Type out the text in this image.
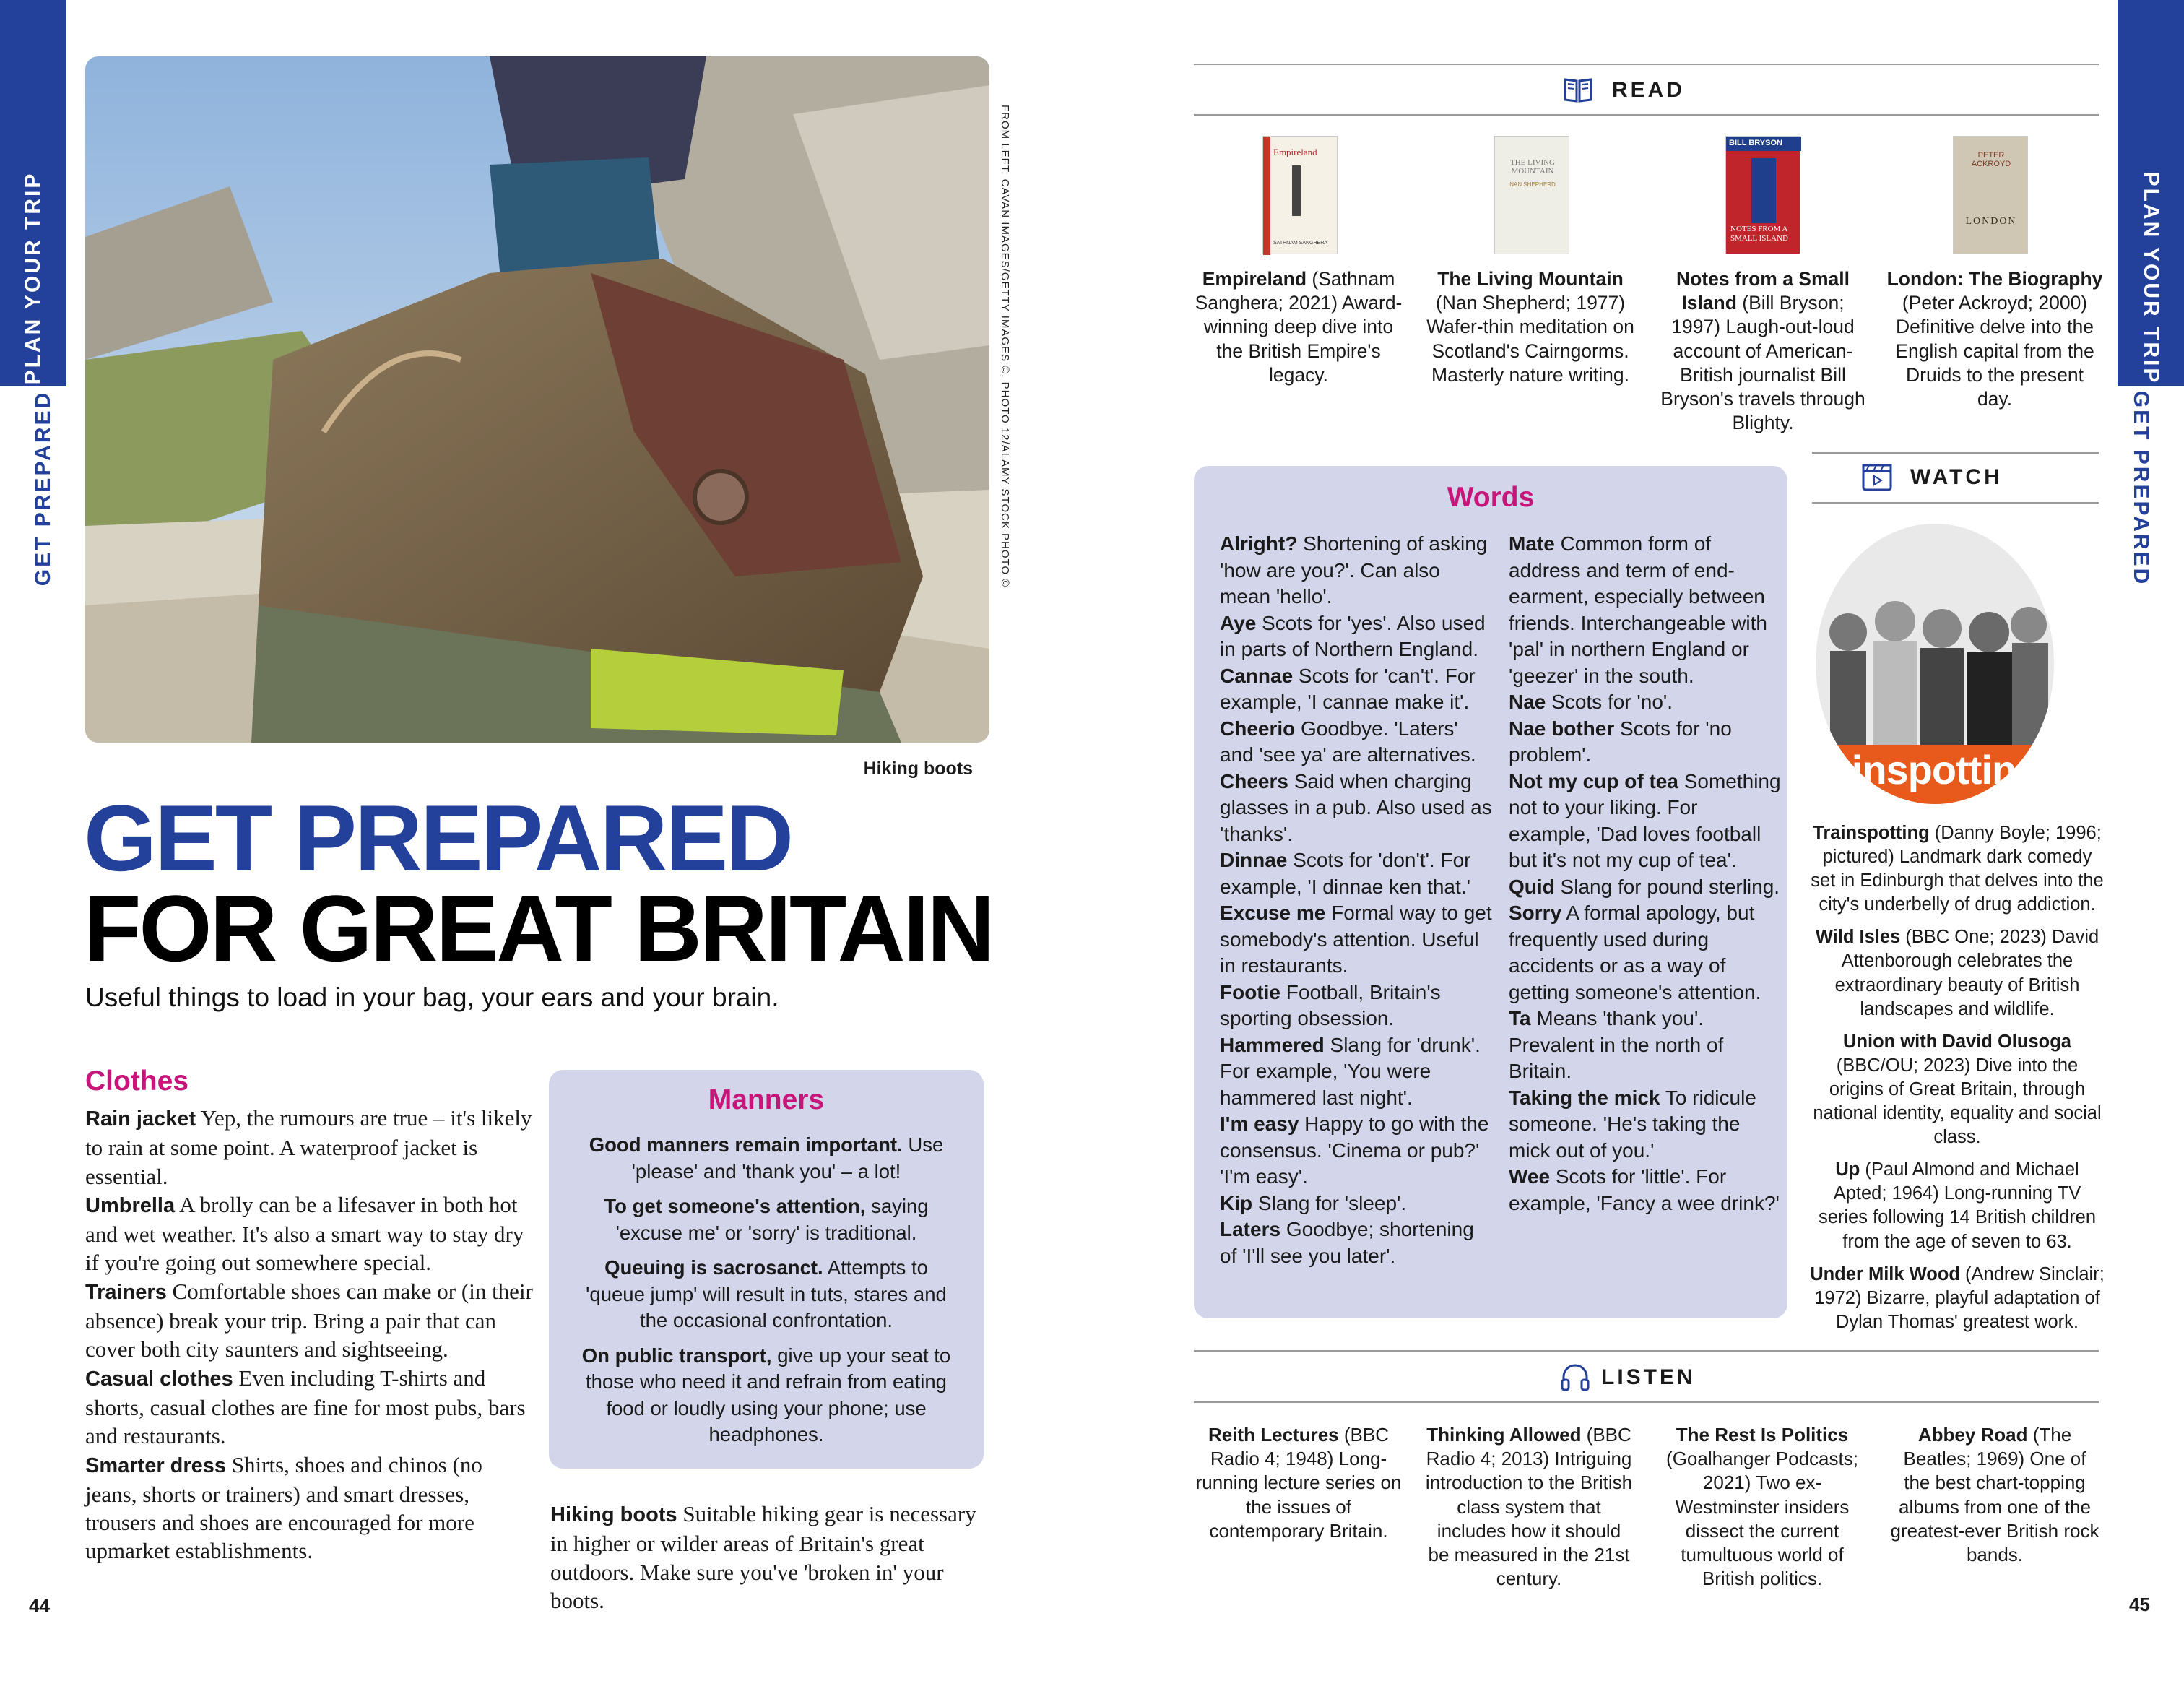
PLAN YOUR TRIP
GET PREPARED
PLAN YOUR TRIP
GET PREPARED
FROM LEFT: CAVAN IMAGES/GETTY IMAGES ©, PHOTO 12/ALAMY STOCK PHOTO ©
Hiking boots
GET PREPARED
FOR GREAT BRITAIN
Useful things to load in your bag, your ears and your brain.
Clothes
Rain jacket Yep, the rumours are true – it's likely to rain at some point. A waterproof jacket is essential.
Umbrella A brolly can be a lifesaver in both hot and wet weather. It's also a smart way to stay dry if you're going out somewhere special.
Trainers Comfortable shoes can make or (in their absence) break your trip. Bring a pair that can cover both city saunters and sightseeing.
Casual clothes Even including T-shirts and shorts, casual clothes are fine for most pubs, bars and restaurants.
Smarter dress Shirts, shoes and chinos (no jeans, shorts or trainers) and smart dresses, trousers and shoes are encouraged for more upmarket establishments.
Manners

Good manners remain important. Use 'please' and 'thank you' – a lot!

To get someone's attention, saying 'excuse me' or 'sorry' is traditional.

Queuing is sacrosanct. Attempts to 'queue jump' will result in tuts, stares and the occasional confrontation.

On public transport, give up your seat to those who need it and refrain from eating food or loudly using your phone; use headphones.

Hiking boots Suitable hiking gear is necessary in higher or wilder areas of Britain's great outdoors. Make sure you've 'broken in' your boots.
44	45
READ
Empireland
SATHNAM SANGHERA
THE LIVING MOUNTAIN
NAN SHEPHERD
BILL BRYSON
NOTES FROM A SMALL ISLAND
PETER ACKROYD
LONDON
Empireland (Sathnam Sanghera; 2021) Award-winning deep dive into the British Empire's legacy.
The Living Mountain (Nan Shepherd; 1977) Wafer-thin meditation on Scotland's Cairngorms. Masterly nature writing.
Notes from a Small Island (Bill Bryson; 1997) Laugh-out-loud account of American-British journalist Bill Bryson's travels through Blighty.
London: The Biography (Peter Ackroyd; 2000) Definitive delve into the English capital from the Druids to the present day.
Words
Alright? Shortening of asking 'how are you?'. Can also mean 'hello'.
Aye Scots for 'yes'. Also used in parts of Northern England.
Cannae Scots for 'can't'. For example, 'I cannae make it'.
Cheerio Goodbye. 'Laters' and 'see ya' are alternatives.
Cheers Said when charging glasses in a pub. Also used as 'thanks'.
Dinnae Scots for 'don't'. For example, 'I dinnae ken that.'
Excuse me Formal way to get somebody's attention. Useful in restaurants.
Footie Football, Britain's sporting obsession.
Hammered Slang for 'drunk'. For example, 'You were hammered last night'.
I'm easy Happy to go with the consensus. 'Cinema or pub?' 'I'm easy'.
Kip Slang for 'sleep'.
Laters Goodbye; shortening of 'I'll see you later'.
Mate Common form of address and term of end-earment, especially between friends. Interchangeable with 'pal' in northern England or 'geezer' in the south.
Nae Scots for 'no'.
Nae bother Scots for 'no problem'.
Not my cup of tea Something not to your liking. For example, 'Dad loves football but it's not my cup of tea'.
Quid Slang for pound sterling.
Sorry A formal apology, but frequently used during accidents or as a way of getting someone's attention.
Ta Means 'thank you'. Prevalent in the north of Britain.
Taking the mick To ridicule someone. 'He's taking the mick out of you.'
Wee Scots for 'little'. For example, 'Fancy a wee drink?'
WATCH
ainspotting
Trainspotting (Danny Boyle; 1996; pictured) Landmark dark comedy set in Edinburgh that delves into the city's underbelly of drug addiction.
Wild Isles (BBC One; 2023) David Attenborough celebrates the extraordinary beauty of British landscapes and wildlife.
Union with David Olusoga (BBC/OU; 2023) Dive into the origins of Great Britain, through national identity, equality and social class.
Up (Paul Almond and Michael Apted; 1964) Long-running TV series following 14 British children from the age of seven to 63.
Under Milk Wood (Andrew Sinclair; 1972) Bizarre, playful adaptation of Dylan Thomas' greatest work.
LISTEN
Reith Lectures (BBC Radio 4; 1948) Long-running lecture series on the issues of contemporary Britain.
Thinking Allowed (BBC Radio 4; 2013) Intriguing introduction to the British class system that includes how it should be measured in the 21st century.
The Rest Is Politics (Goalhanger Podcasts; 2021) Two ex-Westminster insiders dissect the current tumultuous world of British politics.
Abbey Road (The Beatles; 1969) One of the best chart-topping albums from one of the greatest-ever British rock bands.
